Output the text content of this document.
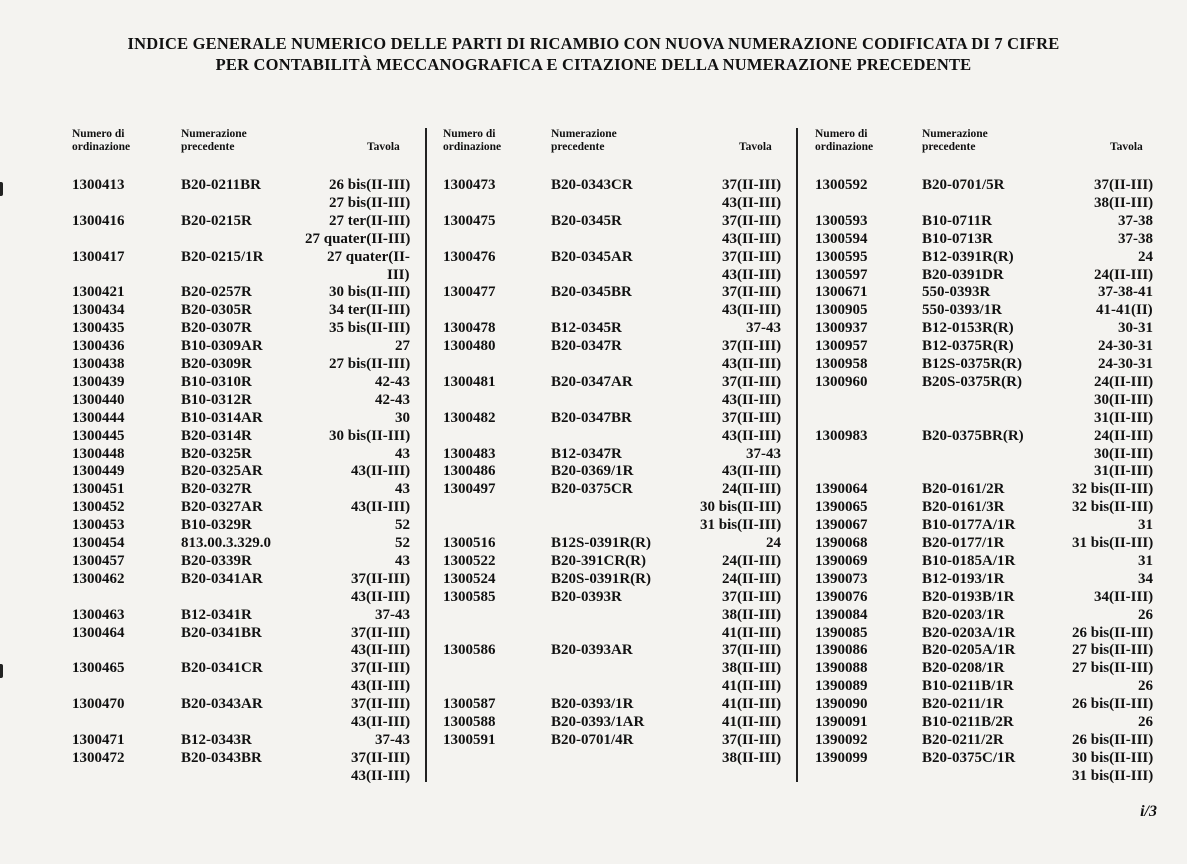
INDICE GENERALE NUMERICO DELLE PARTI DI RICAMBIO CON NUOVA NUMERAZIONE CODIFICATA DI 7 CIFRE
PER CONTABILITÀ MECCANOGRAFICA E CITAZIONE DELLA NUMERAZIONE PRECEDENTE
Numero di
ordinazione
Numerazione
precedente	Tavola
1300413	B20-0211BR	26 bis(II-III)
27 bis(II-III)
1300416	B20-0215R	27 ter(II-III)
27 quater(II-III)
1300417	B20-0215/1R	27 quater(II-
III)
1300421	B20-0257R	30 bis(II-III)
1300434	B20-0305R	34 ter(II-III)
1300435	B20-0307R	35 bis(II-III)
1300436	B10-0309AR	27
1300438	B20-0309R	27 bis(II-III)
1300439	B10-0310R	42-43
1300440	B10-0312R	42-43
1300444	B10-0314AR	30
1300445	B20-0314R	30 bis(II-III)
1300448	B20-0325R	43
1300449	B20-0325AR	43(II-III)
1300451	B20-0327R	43
1300452	B20-0327AR	43(II-III)
1300453	B10-0329R	52
1300454	813.00.3.329.0	52
1300457	B20-0339R	43
1300462	B20-0341AR	37(II-III)
43(II-III)
1300463	B12-0341R	37-43
1300464	B20-0341BR	37(II-III)
43(II-III)
1300465	B20-0341CR	37(II-III)
43(II-III)
1300470	B20-0343AR	37(II-III)
43(II-III)
1300471	B12-0343R	37-43
1300472	B20-0343BR	37(II-III)
43(II-III)
Numero di
ordinazione
Numerazione
precedente	Tavola
1300473	B20-0343CR	37(II-III)
43(II-III)
1300475	B20-0345R	37(II-III)
43(II-III)
1300476	B20-0345AR	37(II-III)
43(II-III)
1300477	B20-0345BR	37(II-III)
43(II-III)
1300478	B12-0345R	37-43
1300480	B20-0347R	37(II-III)
43(II-III)
1300481	B20-0347AR	37(II-III)
43(II-III)
1300482	B20-0347BR	37(II-III)
43(II-III)
1300483	B12-0347R	37-43
1300486	B20-0369/1R	43(II-III)
1300497	B20-0375CR	24(II-III)
30 bis(II-III)
31 bis(II-III)
1300516	B12S-0391R(R)	24
1300522	B20-391CR(R)	24(II-III)
1300524	B20S-0391R(R)	24(II-III)
1300585	B20-0393R	37(II-III)
38(II-III)
41(II-III)
1300586	B20-0393AR	37(II-III)
38(II-III)
41(II-III)
1300587	B20-0393/1R	41(II-III)
1300588	B20-0393/1AR	41(II-III)
1300591	B20-0701/4R	37(II-III)
38(II-III)
Numero di
ordinazione
Numerazione
precedente	Tavola
1300592	B20-0701/5R	37(II-III)
38(II-III)
1300593	B10-0711R	37-38
1300594	B10-0713R	37-38
1300595	B12-0391R(R)	24
1300597	B20-0391DR	24(II-III)
1300671	550-0393R	37-38-41
1300905	550-0393/1R	41-41(II)
1300937	B12-0153R(R)	30-31
1300957	B12-0375R(R)	24-30-31
1300958	B12S-0375R(R)	24-30-31
1300960	B20S-0375R(R)	24(II-III)
30(II-III)
31(II-III)
1300983	B20-0375BR(R)	24(II-III)
30(II-III)
31(II-III)
1390064	B20-0161/2R	32 bis(II-III)
1390065	B20-0161/3R	32 bis(II-III)
1390067	B10-0177A/1R	31
1390068	B20-0177/1R	31 bis(II-III)
1390069	B10-0185A/1R	31
1390073	B12-0193/1R	34
1390076	B20-0193B/1R	34(II-III)
1390084	B20-0203/1R	26
1390085	B20-0203A/1R	26 bis(II-III)
1390086	B20-0205A/1R	27 bis(II-III)
1390088	B20-0208/1R	27 bis(II-III)
1390089	B10-0211B/1R	26
1390090	B20-0211/1R	26 bis(II-III)
1390091	B10-0211B/2R	26
1390092	B20-0211/2R	26 bis(II-III)
1390099	B20-0375C/1R	30 bis(II-III)
31 bis(II-III)
i/3
